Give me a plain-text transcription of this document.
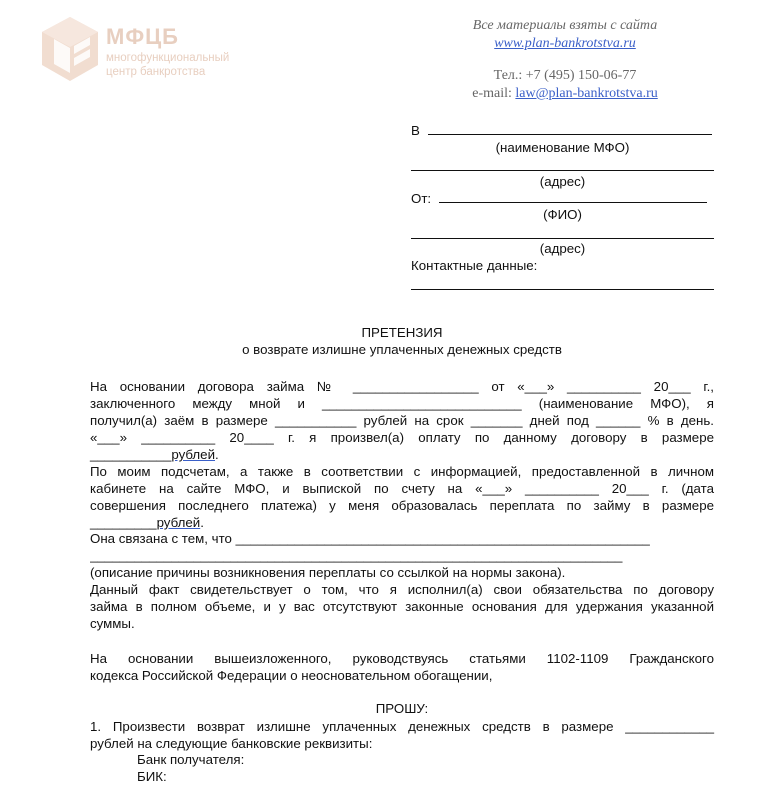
МФЦБ
многофункциональный
центр банкротства
Все материалы взяты с сайта
www.plan-bankrotstva.ru
Тел.: +7 (495) 150-06-77
e-mail: law@plan-bankrotstva.ru
В
(наименование МФО)
(адрес)
От:
(ФИО)
(адрес)
Контактные данные:
ПРЕТЕНЗИЯ
о возврате излишне уплаченных денежных средств
На основании договора займа № _________________ от «___» __________ 20___ г.,
заключенного между мной и ___________________________ (наименование МФО), я
получил(а) заём в размере ___________ рублей на срок _______ дней под ______ % в день.
«___» __________ 20____ г. я произвел(а) оплату по данному договору в размере
___________рублей.
По моим подсчетам, а также в соответствии с информацией, предоставленной в личном
кабинете на сайте МФО, и выпиской по счету на «___» __________ 20___ г. (дата
совершения последнего платежа) у меня образовалась переплата по займу в размере
_________рублей.
Она связана с тем, что ________________________________________________________
________________________________________________________________________
(описание причины возникновения переплаты со ссылкой на нормы закона).
Данный факт свидетельствует о том, что я исполнил(а) свои обязательства по договору
займа в полном объеме, и у вас отсутствуют законные основания для удержания указанной
суммы.
На основании вышеизложенного, руководствуясь статьями 1102-1109 Гражданского
кодекса Российской Федерации о неосновательном обогащении,
ПРОШУ:
1. Произвести возврат излишне уплаченных денежных средств в размере ____________
рублей на следующие банковские реквизиты:
Банк получателя:
БИК:
